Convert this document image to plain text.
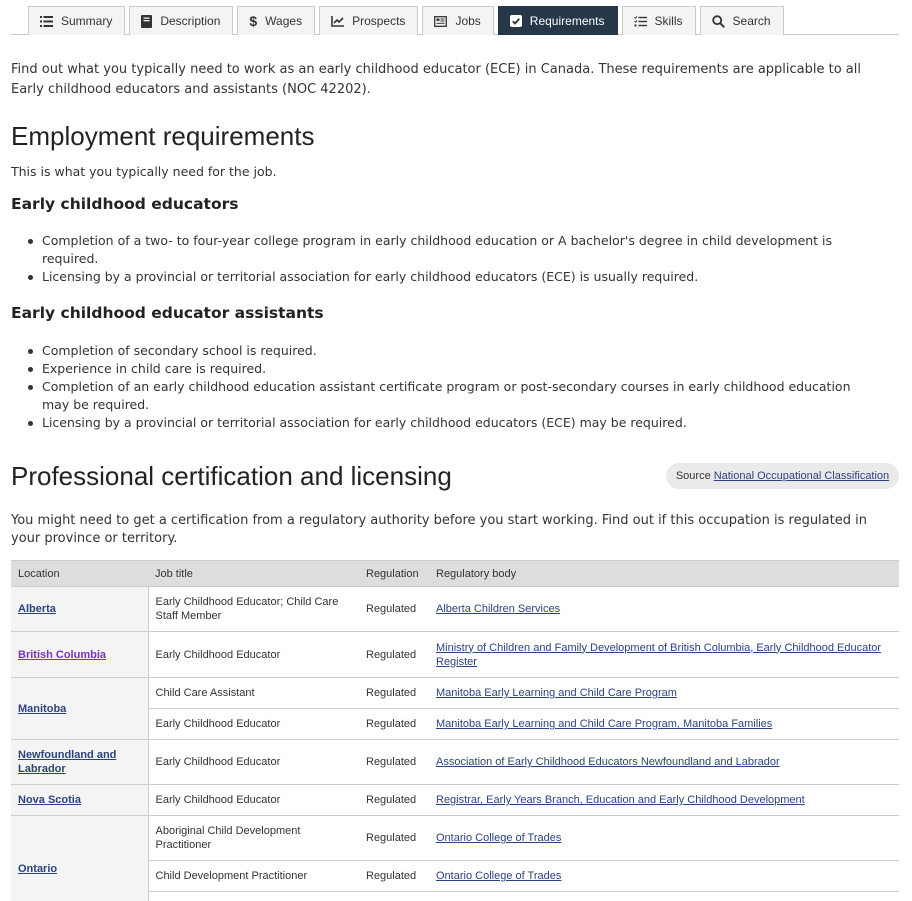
Summary	Description $ Wages	Prospects	Jobs	Requirements	Skills	Search

Find out what you typically need to work as an early childhood educator (ECE) in Canada. These requirements are applicable to all Early childhood educators and assistants (NOC 42202).

Employment requirements

This is what you typically need for the job.

Early childhood educators
Completion of a two- to four-year college program in early childhood education or A bachelor's degree in child development is required.
Licensing by a provincial or territorial association for early childhood educators (ECE) is usually required.
Early childhood educator assistants
Completion of secondary school is required.
Experience in child care is required.
Completion of an early childhood education assistant certificate program or post-secondary courses in early childhood education may be required.
Licensing by a provincial or territorial association for early childhood educators (ECE) may be required.
Professional certification and licensing	Source National Occupational Classification

You might need to get a certification from a regulatory authority before you start working. Find out if this occupation is regulated in your province or territory.

Location	Job title	Regulation	Regulatory body
Alberta	Early Childhood Educator; Child Care Staff Member	Regulated	Alberta Children Services
British Columbia	Early Childhood Educator	Regulated	Ministry of Children and Family Development of British Columbia, Early Childhood Educator Register
Manitoba	Child Care Assistant	Regulated	Manitoba Early Learning and Child Care Program
	Early Childhood Educator	Regulated	Manitoba Early Learning and Child Care Program, Manitoba Families
Newfoundland and Labrador	Early Childhood Educator	Regulated	Association of Early Childhood Educators Newfoundland and Labrador
Nova Scotia	Early Childhood Educator	Regulated	Registrar, Early Years Branch, Education and Early Childhood Development
Ontario	Aboriginal Child Development Practitioner	Regulated	Ontario College of Trades
	Child Development Practitioner	Regulated	Ontario College of Trades
